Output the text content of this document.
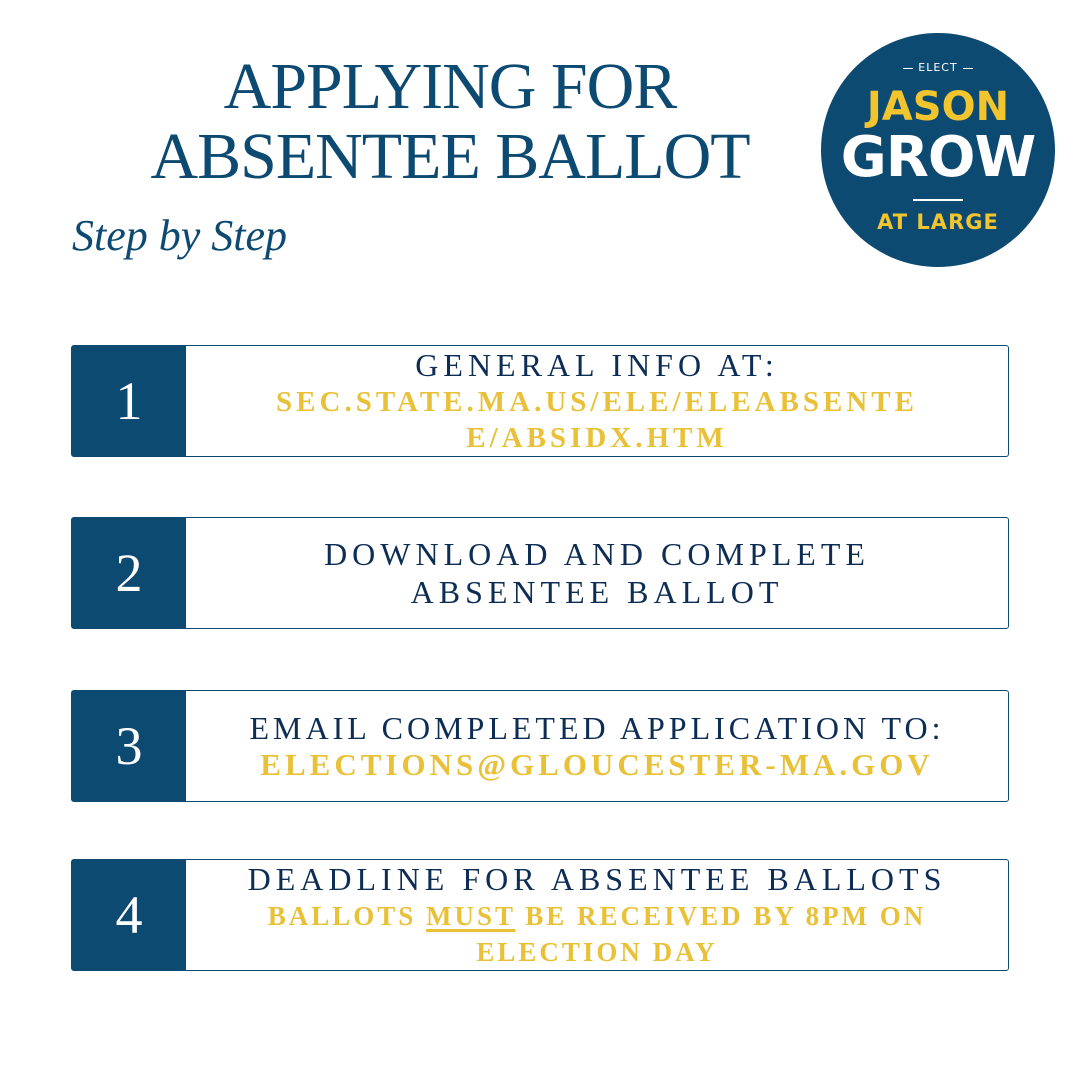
APPLYING FOR
ABSENTEE BALLOT
Step by Step
ELECT
JASON
GROW
AT LARGE
1
GENERAL INFO AT:
SEC.STATE.MA.US/ELE/ELEABSENTE
E/ABSIDX.HTM
2	DOWNLOAD AND COMPLETE
ABSENTEE BALLOT
3	EMAIL COMPLETED APPLICATION TO:
ELECTIONS@GLOUCESTER-MA.GOV
4
DEADLINE FOR ABSENTEE BALLOTS
BALLOTS MUST BE RECEIVED BY 8PM ON
ELECTION DAY
